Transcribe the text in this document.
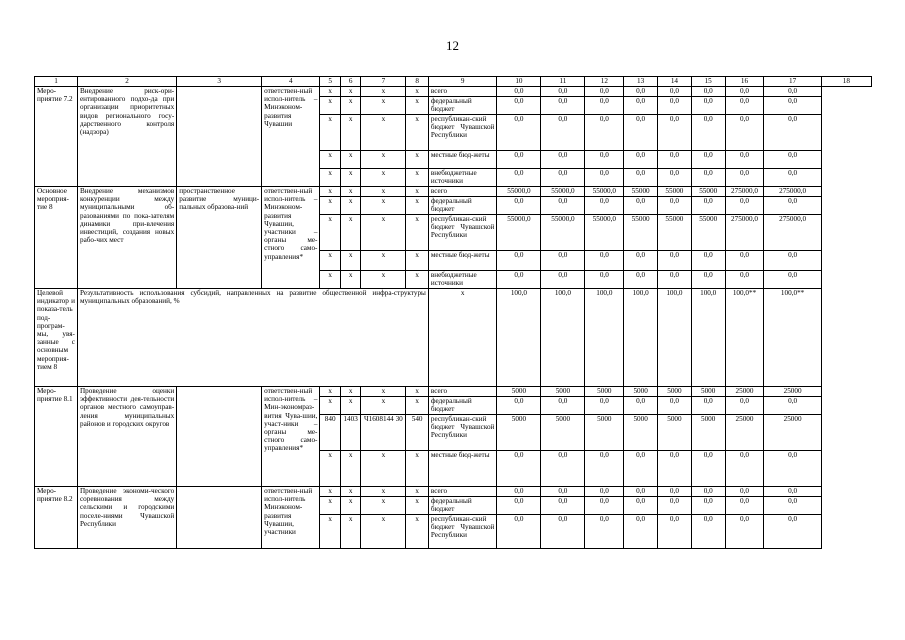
12
1	2	3	4	5	6	7	8	9	10	11	12	13	14	15	16	17	18
Меро-приятие 7.2	Внедрение риск-ори-ентированного подхо-да при организации приоритетных видов регионального госу-дарственного контроля (надзора)		ответствен-ный испол-нитель – Минэконом-развития Чувашии	x	x	x	x	всего	0,0	0,0	0,0	0,0	0,0	0,0	0,0	0,0	
				x	x	x	x	федеральный бюджет	0,0	0,0	0,0	0,0	0,0	0,0	0,0	0,0	
				x	x	x	x	республикан-ский бюджет Чувашской Республики	0,0	0,0	0,0	0,0	0,0	0,0	0,0	0,0	
				x	x	x	x	местные бюд-жеты	0,0	0,0	0,0	0,0	0,0	0,0	0,0	0,0	
				x	x	x	x	внебюджетные источники	0,0	0,0	0,0	0,0	0,0	0,0	0,0	0,0	
Основное мероприя-тие 8	Внедрение механизмов конкуренции между муниципальными об-разованиями по пока-зателям динамики при-влечения инвестиций, создания новых рабо-чих мест	пространственное развитие муници-пальных образова-ний	ответствен-ный испол-нитель – Минэконом-развития Чувашии, участники – органы ме-стного само-управления*	x	x	x	x	всего	55000,0	55000,0	55000,0	55000	55000	55000	275000,0	275000,0	
				x	x	x	x	федеральный бюджет	0,0	0,0	0,0	0,0	0,0	0,0	0,0	0,0	
				x	x	x	x	республикан-ский бюджет Чувашской Республики	55000,0	55000,0	55000,0	55000	55000	55000	275000,0	275000,0	
				x	x	x	x	местные бюд-жеты	0,0	0,0	0,0	0,0	0,0	0,0	0,0	0,0	
				x	x	x	x	внебюджетные источники	0,0	0,0	0,0	0,0	0,0	0,0	0,0	0,0	
Целевой индикатор и показа-тель под-програм-мы, увя-занные с основным мероприя-тием 8	Результативность использования субсидий, направленных на развитие общественной инфра-структуры муниципальных образований, %							x	100,0	100,0	100,0	100,0	100,0	100,0	100,0**	100,0**	
Меро-приятие 8.1	Проведение оценки эффективности дея-тельности органов местного самоуправ-ления муниципальных районов и городских округов		ответствен-ный испол-нитель – Мин-экономраз-вития Чува-шии, участ-ники – органы ме-стного само-управления*	x	x	x	x	всего	5000	5000	5000	5000	5000	5000	25000	25000	
				x	x	x	x	федеральный бюджет	0,0	0,0	0,0	0,0	0,0	0,0	0,0	0,0	
				840	1403	Ч1608144 30	540	республикан-ский бюджет Чувашской Республики	5000	5000	5000	5000	5000	5000	25000	25000	
				x	x	x	x	местные бюд-жеты	0,0	0,0	0,0	0,0	0,0	0,0	0,0	0,0	
Меро-приятие 8.2	Проведение экономи-ческого соревнования между сельскими и городскими поселе-ниями Чувашской Республики		ответствен-ный испол-нитель Минэконом-развития Чувашии, участники	x	x	x	x	всего	0,0	0,0	0,0	0,0	0,0	0,0	0,0	0,0	
				x	x	x	x	федеральный бюджет	0,0	0,0	0,0	0,0	0,0	0,0	0,0	0,0	
				x	x	x	x	республикан-ский бюджет Чувашской Республики	0,0	0,0	0,0	0,0	0,0	0,0	0,0	0,0	
